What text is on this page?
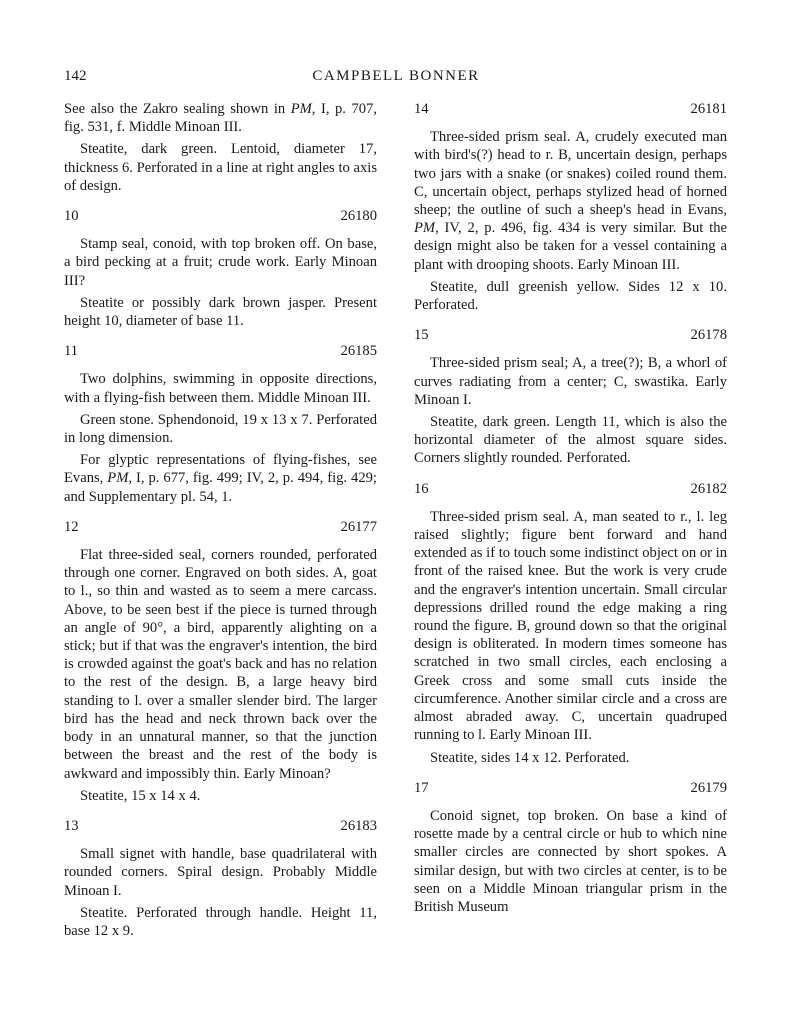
142	CAMPBELL BONNER

See also the Zakro sealing shown in PM, I, p. 707, fig. 531, f. Middle Minoan III.

Steatite, dark green. Lentoid, diameter 17, thickness 6. Perforated in a line at right angles to axis of design.

10	26180

Stamp seal, conoid, with top broken off. On base, a bird pecking at a fruit; crude work. Early Minoan III?

Steatite or possibly dark brown jasper. Present height 10, diameter of base 11.

11	26185

Two dolphins, swimming in opposite directions, with a flying-fish between them. Middle Minoan III.

Green stone. Sphendonoid, 19 x 13 x 7. Perforated in long dimension.

For glyptic representations of flying-fishes, see Evans, PM, I, p. 677, fig. 499; IV, 2, p. 494, fig. 429; and Supplementary pl. 54, 1.

12	26177

Flat three-sided seal, corners rounded, perforated through one corner. Engraved on both sides. A, goat to l., so thin and wasted as to seem a mere carcass. Above, to be seen best if the piece is turned through an angle of 90°, a bird, apparently alighting on a stick; but if that was the engraver's intention, the bird is crowded against the goat's back and has no relation to the rest of the design. B, a large heavy bird standing to l. over a smaller slender bird. The larger bird has the head and neck thrown back over the body in an unnatural manner, so that the junction between the breast and the rest of the body is awkward and impossibly thin. Early Minoan?

Steatite, 15 x 14 x 4.

13	26183

Small signet with handle, base quadrilateral with rounded corners. Spiral design. Probably Middle Minoan I.

Steatite. Perforated through handle. Height 11, base 12 x 9.

14	26181

Three-sided prism seal. A, crudely executed man with bird's(?) head to r. B, uncertain design, perhaps two jars with a snake (or snakes) coiled round them. C, uncertain object, perhaps stylized head of horned sheep; the outline of such a sheep's head in Evans, PM, IV, 2, p. 496, fig. 434 is very similar. But the design might also be taken for a vessel containing a plant with drooping shoots. Early Minoan III.

Steatite, dull greenish yellow. Sides 12 x 10. Perforated.

15	26178

Three-sided prism seal; A, a tree(?); B, a whorl of curves radiating from a center; C, swastika. Early Minoan I.

Steatite, dark green. Length 11, which is also the horizontal diameter of the almost square sides. Corners slightly rounded. Perforated.

16	26182

Three-sided prism seal. A, man seated to r., l. leg raised slightly; figure bent forward and hand extended as if to touch some indistinct object on or in front of the raised knee. But the work is very crude and the engraver's intention uncertain. Small circular depressions drilled round the edge making a ring round the figure. B, ground down so that the original design is obliterated. In modern times someone has scratched in two small circles, each enclosing a Greek cross and some small cuts inside the circumference. Another similar circle and a cross are almost abraded away. C, uncertain quadruped running to l. Early Minoan III.

Steatite, sides 14 x 12. Perforated.

17	26179

Conoid signet, top broken. On base a kind of rosette made by a central circle or hub to which nine smaller circles are connected by short spokes. A similar design, but with two circles at center, is to be seen on a Middle Minoan triangular prism in the British Museum
